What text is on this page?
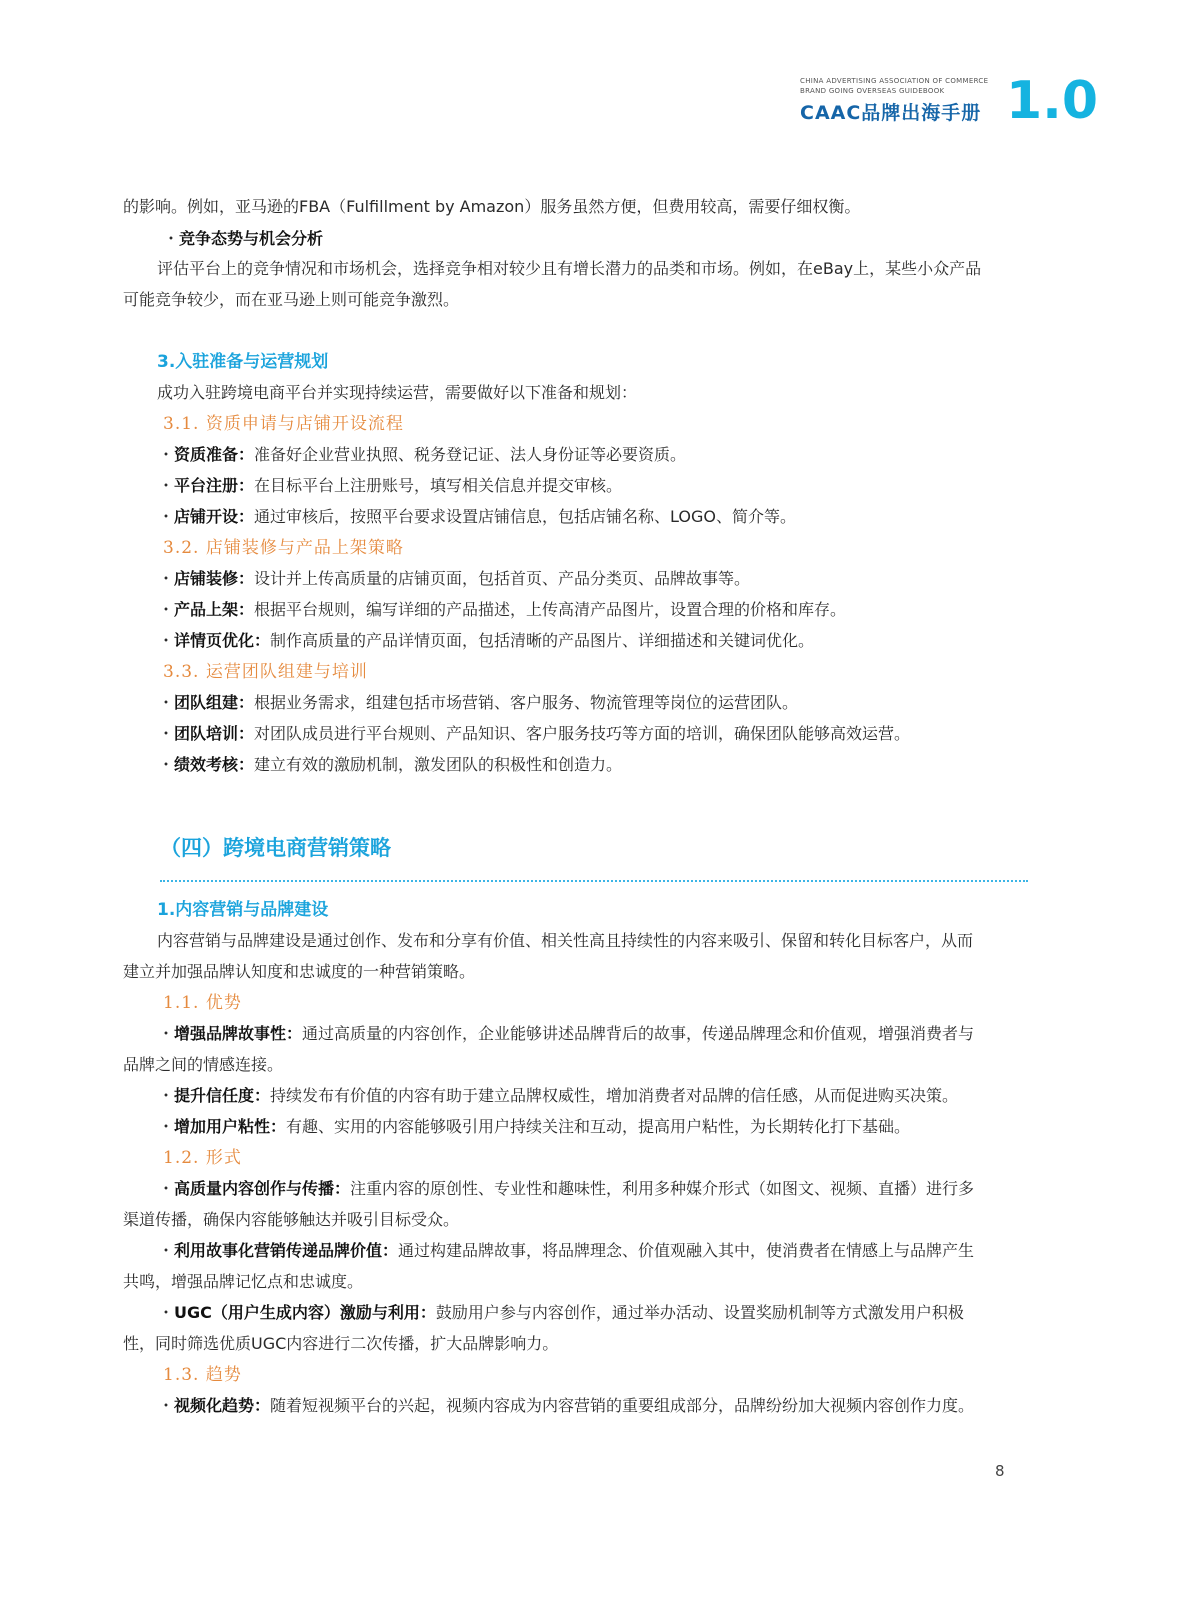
CHINA ADVERTISING ASSOCIATION OF COMMERCE
BRAND GOING OVERSEAS GUIDEBOOK
CAAC品牌出海手册 1.0
的影响。例如，亚马逊的FBA（Fulfillment by Amazon）服务虽然方便，但费用较高，需要仔细权衡。
・竞争态势与机会分析
评估平台上的竞争情况和市场机会，选择竞争相对较少且有增长潜力的品类和市场。例如，在eBay上，某些小众产品
可能竞争较少，而在亚马逊上则可能竞争激烈。
3.入驻准备与运营规划
成功入驻跨境电商平台并实现持续运营，需要做好以下准备和规划：
3.1. 资质申请与店铺开设流程
・资质准备：准备好企业营业执照、税务登记证、法人身份证等必要资质。
・平台注册：在目标平台上注册账号，填写相关信息并提交审核。
・店铺开设：通过审核后，按照平台要求设置店铺信息，包括店铺名称、LOGO、简介等。
3.2. 店铺装修与产品上架策略
・店铺装修：设计并上传高质量的店铺页面，包括首页、产品分类页、品牌故事等。
・产品上架：根据平台规则，编写详细的产品描述，上传高清产品图片，设置合理的价格和库存。
・详情页优化：制作高质量的产品详情页面，包括清晰的产品图片、详细描述和关键词优化。
3.3. 运营团队组建与培训
・团队组建：根据业务需求，组建包括市场营销、客户服务、物流管理等岗位的运营团队。
・团队培训：对团队成员进行平台规则、产品知识、客户服务技巧等方面的培训，确保团队能够高效运营。
・绩效考核：建立有效的激励机制，激发团队的积极性和创造力。
（四）跨境电商营销策略
1.内容营销与品牌建设
内容营销与品牌建设是通过创作、发布和分享有价值、相关性高且持续性的内容来吸引、保留和转化目标客户，从而
建立并加强品牌认知度和忠诚度的一种营销策略。
1.1. 优势
・增强品牌故事性：通过高质量的内容创作，企业能够讲述品牌背后的故事，传递品牌理念和价值观，增强消费者与
品牌之间的情感连接。
・提升信任度：持续发布有价值的内容有助于建立品牌权威性，增加消费者对品牌的信任感，从而促进购买决策。
・增加用户粘性：有趣、实用的内容能够吸引用户持续关注和互动，提高用户粘性，为长期转化打下基础。
1.2. 形式
・高质量内容创作与传播：注重内容的原创性、专业性和趣味性，利用多种媒介形式（如图文、视频、直播）进行多
渠道传播，确保内容能够触达并吸引目标受众。
・利用故事化营销传递品牌价值：通过构建品牌故事，将品牌理念、价值观融入其中，使消费者在情感上与品牌产生
共鸣，增强品牌记忆点和忠诚度。
・UGC（用户生成内容）激励与利用：鼓励用户参与内容创作，通过举办活动、设置奖励机制等方式激发用户积极
性，同时筛选优质UGC内容进行二次传播，扩大品牌影响力。
1.3. 趋势
・视频化趋势：随着短视频平台的兴起，视频内容成为内容营销的重要组成部分，品牌纷纷加大视频内容创作力度。
8
